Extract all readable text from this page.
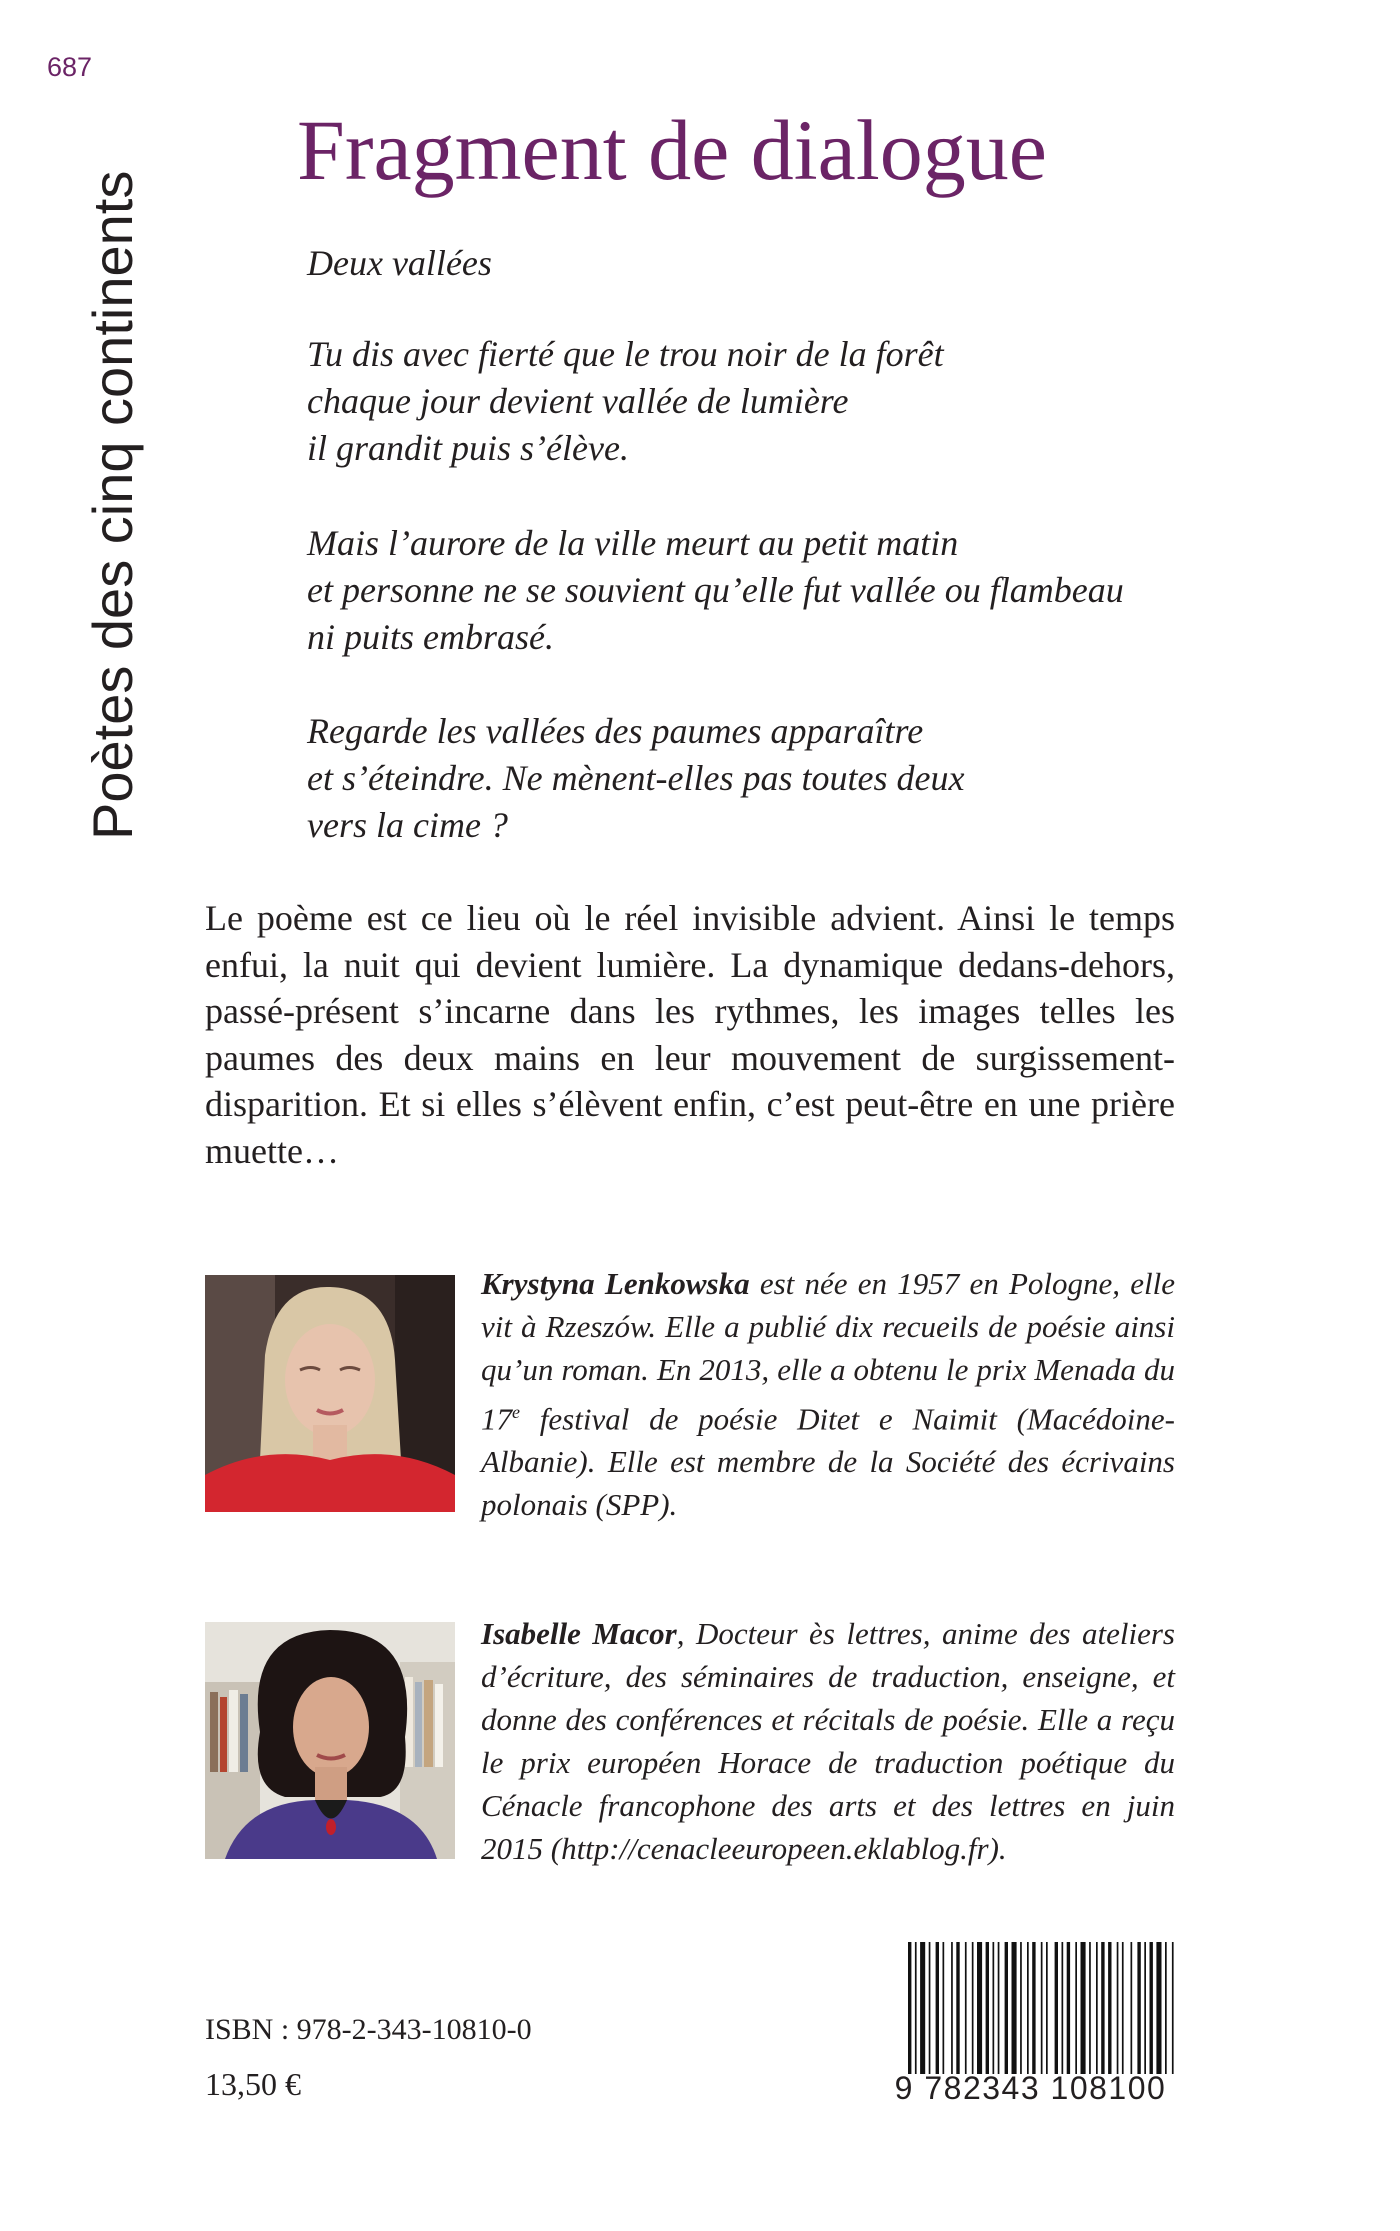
687
Poètes des cinq continents
Fragment de dialogue
Deux vallées
Tu dis avec fierté que le trou noir de la forêt
chaque jour devient vallée de lumière
il grandit puis s’élève.
Mais l’aurore de la ville meurt au petit matin
et personne ne se souvient qu’elle fut vallée ou flambeau
ni puits embrasé.
Regarde les vallées des paumes apparaître
et s’éteindre. Ne mènent-elles pas toutes deux
vers la cime ?
Le poème est ce lieu où le réel invisible advient. Ainsi le temps enfui, la nuit qui devient lumière. La dynamique dedans-dehors, passé-présent s’incarne dans les rythmes, les images telles les paumes des deux mains en leur mouvement de surgissement-disparition. Et si elles s’élèvent enfin, c’est peut-être en une prière muette…
Krystyna Lenkowska est née en 1957 en Pologne, elle vit à Rzeszów. Elle a publié dix recueils de poésie ainsi qu’un roman. En 2013, elle a obtenu le prix Menada du 17e festival de poésie Ditet e Naimit (Macédoine-Albanie). Elle est membre de la Société des écrivains polonais (SPP).
Isabelle Macor, Docteur ès lettres, anime des ateliers d’écriture, des séminaires de traduction, enseigne, et donne des conférences et récitals de poésie. Elle a reçu le prix européen Horace de traduction poétique du Cénacle francophone des arts et des lettres en juin 2015 (http://cenacleeuropeen.eklablog.fr).
ISBN : 978-2-343-10810-0
13,50 €	9 782343 108100
